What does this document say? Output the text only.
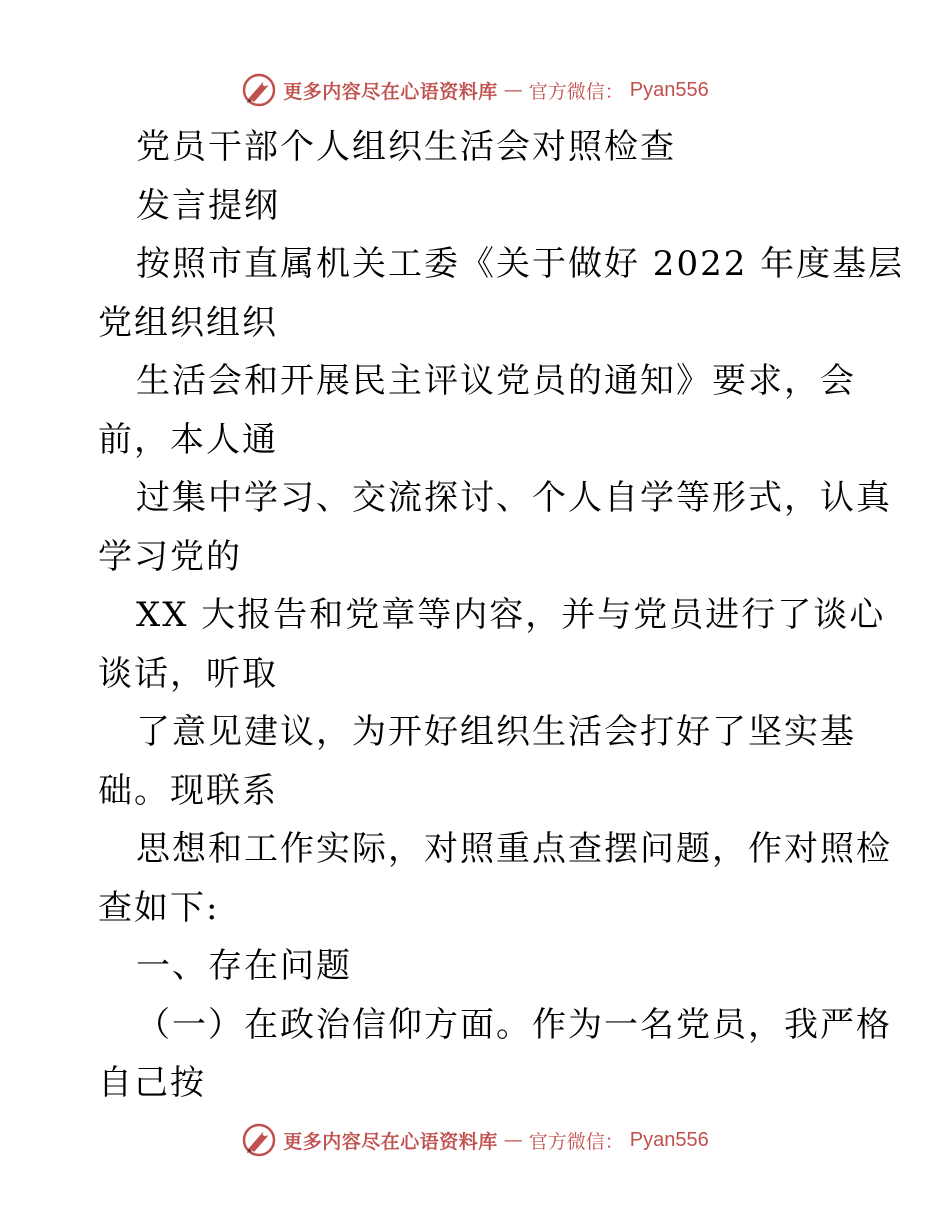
更多内容尽在心语资料库 — 官方微信： Pyan556
党员干部个人组织生活会对照检查
发言提纲
按照市直属机关工委《关于做好 2022 年度基层
党组织组织
生活会和开展民主评议党员的通知》要求，会
前，本人通
过集中学习、交流探讨、个人自学等形式，认真
学习党的
XX 大报告和党章等内容，并与党员进行了谈心
谈话，听取
了意见建议，为开好组织生活会打好了坚实基
础。现联系
思想和工作实际，对照重点查摆问题，作对照检
查如下:
一、存在问题
（一）在政治信仰方面。作为一名党员，我严格
自己按
更多内容尽在心语资料库 — 官方微信： Pyan556
